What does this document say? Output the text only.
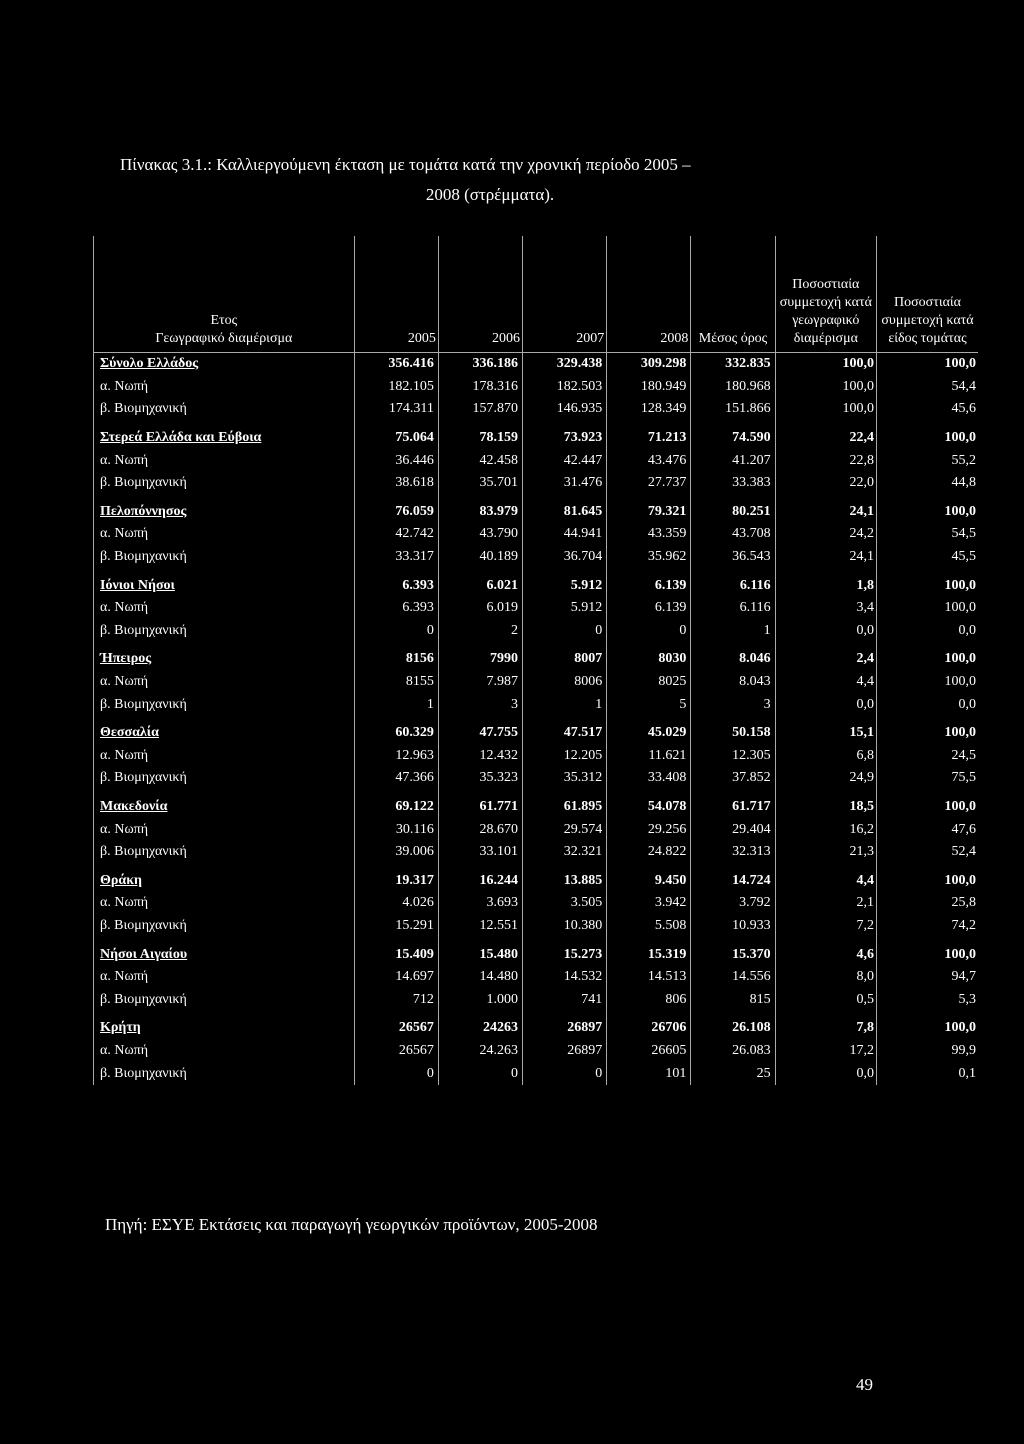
Πίνακας 3.1.: Καλλιεργούμενη έκταση με τομάτα κατά την χρονική περίοδο 2005 –
2008 (στρέμματα).
Ετος
Γεωγραφικό διαμέρισμα	2005	2006	2007	2008	Μέσος όρος	Ποσοστιαία συμμετοχή κατά γεωγραφικό διαμέρισμα	Ποσοστιαία συμμετοχή κατά είδος τομάτας
Σύνολο Ελλάδος	356.416	336.186	329.438	309.298	332.835	100,0	100,0
α. Νωπή	182.105	178.316	182.503	180.949	180.968	100,0	54,4
β. Βιομηχανική	174.311	157.870	146.935	128.349	151.866	100,0	45,6
Στερεά Ελλάδα και Εύβοια	75.064	78.159	73.923	71.213	74.590	22,4	100,0
α. Νωπή	36.446	42.458	42.447	43.476	41.207	22,8	55,2
β. Βιομηχανική	38.618	35.701	31.476	27.737	33.383	22,0	44,8
Πελοπόννησος	76.059	83.979	81.645	79.321	80.251	24,1	100,0
α. Νωπή	42.742	43.790	44.941	43.359	43.708	24,2	54,5
β. Βιομηχανική	33.317	40.189	36.704	35.962	36.543	24,1	45,5
Ιόνιοι Νήσοι	6.393	6.021	5.912	6.139	6.116	1,8	100,0
α. Νωπή	6.393	6.019	5.912	6.139	6.116	3,4	100,0
β. Βιομηχανική	0	2	0	0	1	0,0	0,0
Ήπειρος	8156	7990	8007	8030	8.046	2,4	100,0
α. Νωπή	8155	7.987	8006	8025	8.043	4,4	100,0
β. Βιομηχανική	1	3	1	5	3	0,0	0,0
Θεσσαλία	60.329	47.755	47.517	45.029	50.158	15,1	100,0
α. Νωπή	12.963	12.432	12.205	11.621	12.305	6,8	24,5
β. Βιομηχανική	47.366	35.323	35.312	33.408	37.852	24,9	75,5
Μακεδονία	69.122	61.771	61.895	54.078	61.717	18,5	100,0
α. Νωπή	30.116	28.670	29.574	29.256	29.404	16,2	47,6
β. Βιομηχανική	39.006	33.101	32.321	24.822	32.313	21,3	52,4
Θράκη	19.317	16.244	13.885	9.450	14.724	4,4	100,0
α. Νωπή	4.026	3.693	3.505	3.942	3.792	2,1	25,8
β. Βιομηχανική	15.291	12.551	10.380	5.508	10.933	7,2	74,2
Νήσοι Αιγαίου	15.409	15.480	15.273	15.319	15.370	4,6	100,0
α. Νωπή	14.697	14.480	14.532	14.513	14.556	8,0	94,7
β. Βιομηχανική	712	1.000	741	806	815	0,5	5,3
Κρήτη	26567	24263	26897	26706	26.108	7,8	100,0
α. Νωπή	26567	24.263	26897	26605	26.083	17,2	99,9
β. Βιομηχανική	0	0	0	101	25	0,0	0,1
Πηγή: ΕΣΥΕ Εκτάσεις και παραγωγή γεωργικών προϊόντων, 2005-2008
49
